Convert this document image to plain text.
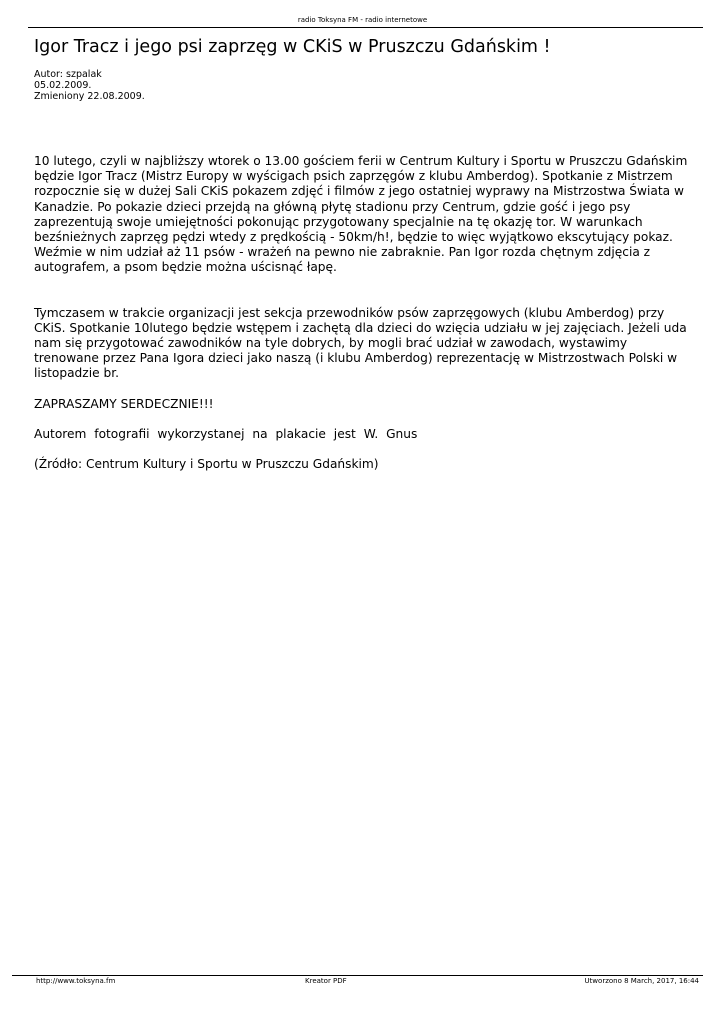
radio Toksyna FM - radio internetowe
Igor Tracz i jego psi zaprzęg w CKiS w Pruszczu Gdańskim !
Autor: szpalak
05.02.2009.
Zmieniony 22.08.2009.

10 lutego, czyli w najbliższy wtorek o 13.00 gościem ferii w Centrum Kultury i Sportu w Pruszczu Gdańskim będzie Igor Tracz (Mistrz Europy w wyścigach psich zaprzęgów z klubu Amberdog). Spotkanie z Mistrzem rozpocznie się w dużej Sali CKiS pokazem zdjęć i filmów z jego ostatniej wyprawy na Mistrzostwa Świata w Kanadzie. Po pokazie dzieci przejdą na główną płytę stadionu przy Centrum, gdzie gość i jego psy zaprezentują swoje umiejętności pokonując przygotowany specjalnie na tę okazję tor. W warunkach bezśnieżnych zaprzęg pędzi wtedy z prędkością - 50km/h!, będzie to więc wyjątkowo ekscytujący pokaz. Weźmie w nim udział aż 11 psów - wrażeń na pewno nie zabraknie. Pan Igor rozda chętnym zdjęcia z autografem, a psom będzie można uścisnąć łapę.

Tymczasem w trakcie organizacji jest sekcja przewodników psów zaprzęgowych (klubu Amberdog) przy CKiS. Spotkanie 10lutego będzie wstępem i zachętą dla dzieci do wzięcia udziału w jej zajęciach. Jeżeli uda nam się przygotować zawodników na tyle dobrych, by mogli brać udział w zawodach, wystawimy trenowane przez Pana Igora dzieci jako naszą (i klubu Amberdog) reprezentację w Mistrzostwach Polski w listopadzie br.

ZAPRASZAMY SERDECZNIE!!!

Autorem fotografii wykorzystanej na plakacie jest W. Gnus

(Źródło: Centrum Kultury i Sportu w Pruszczu Gdańskim)

http://www.toksyna.fm	Kreator PDF	Utworzono 8 March, 2017, 16:44
